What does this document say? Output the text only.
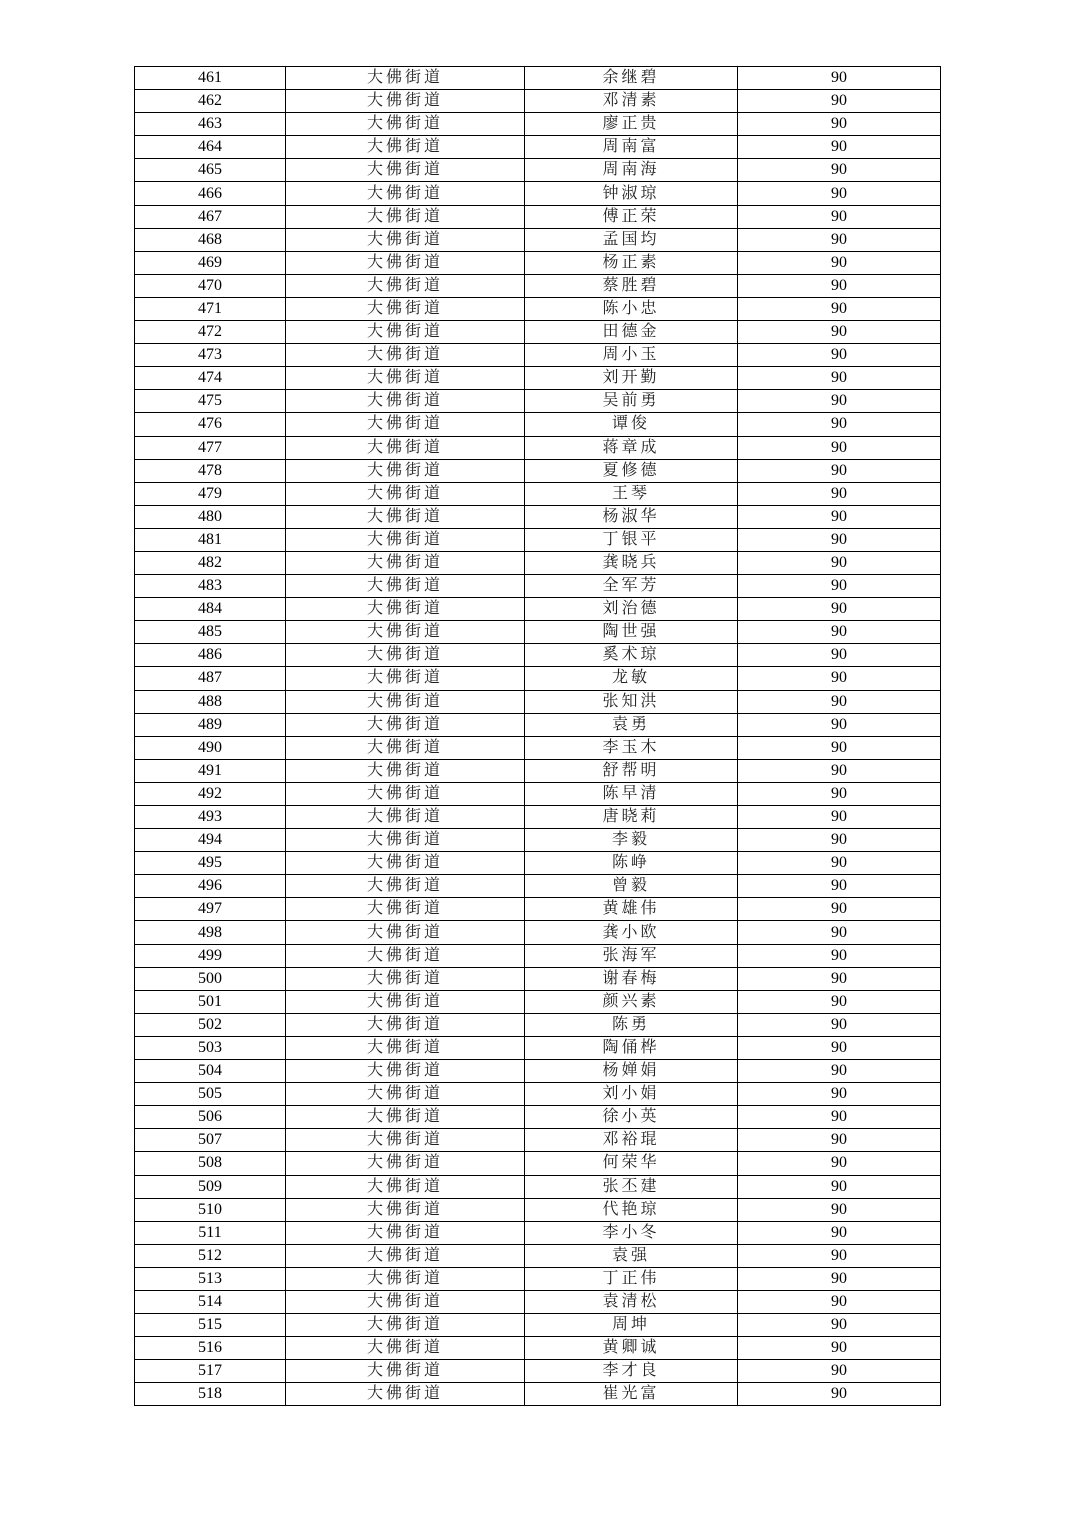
461	大佛街道	余继碧	90
462	大佛街道	邓清素	90
463	大佛街道	廖正贵	90
464	大佛街道	周南富	90
465	大佛街道	周南海	90
466	大佛街道	钟淑琼	90
467	大佛街道	傅正荣	90
468	大佛街道	孟国均	90
469	大佛街道	杨正素	90
470	大佛街道	蔡胜碧	90
471	大佛街道	陈小忠	90
472	大佛街道	田德金	90
473	大佛街道	周小玉	90
474	大佛街道	刘开勤	90
475	大佛街道	吴前勇	90
476	大佛街道	谭俊	90
477	大佛街道	蒋章成	90
478	大佛街道	夏修德	90
479	大佛街道	王琴	90
480	大佛街道	杨淑华	90
481	大佛街道	丁银平	90
482	大佛街道	龚晓兵	90
483	大佛街道	全军芳	90
484	大佛街道	刘治德	90
485	大佛街道	陶世强	90
486	大佛街道	奚术琼	90
487	大佛街道	龙敏	90
488	大佛街道	张知洪	90
489	大佛街道	袁勇	90
490	大佛街道	李玉木	90
491	大佛街道	舒帮明	90
492	大佛街道	陈早清	90
493	大佛街道	唐晓莉	90
494	大佛街道	李毅	90
495	大佛街道	陈峥	90
496	大佛街道	曾毅	90
497	大佛街道	黄雄伟	90
498	大佛街道	龚小欧	90
499	大佛街道	张海军	90
500	大佛街道	谢春梅	90
501	大佛街道	颜兴素	90
502	大佛街道	陈勇	90
503	大佛街道	陶俑桦	90
504	大佛街道	杨婵娟	90
505	大佛街道	刘小娟	90
506	大佛街道	徐小英	90
507	大佛街道	邓裕琨	90
508	大佛街道	何荣华	90
509	大佛街道	张丕建	90
510	大佛街道	代艳琼	90
511	大佛街道	李小冬	90
512	大佛街道	袁强	90
513	大佛街道	丁正伟	90
514	大佛街道	袁清松	90
515	大佛街道	周坤	90
516	大佛街道	黄卿诚	90
517	大佛街道	李才良	90
518	大佛街道	崔光富	90
